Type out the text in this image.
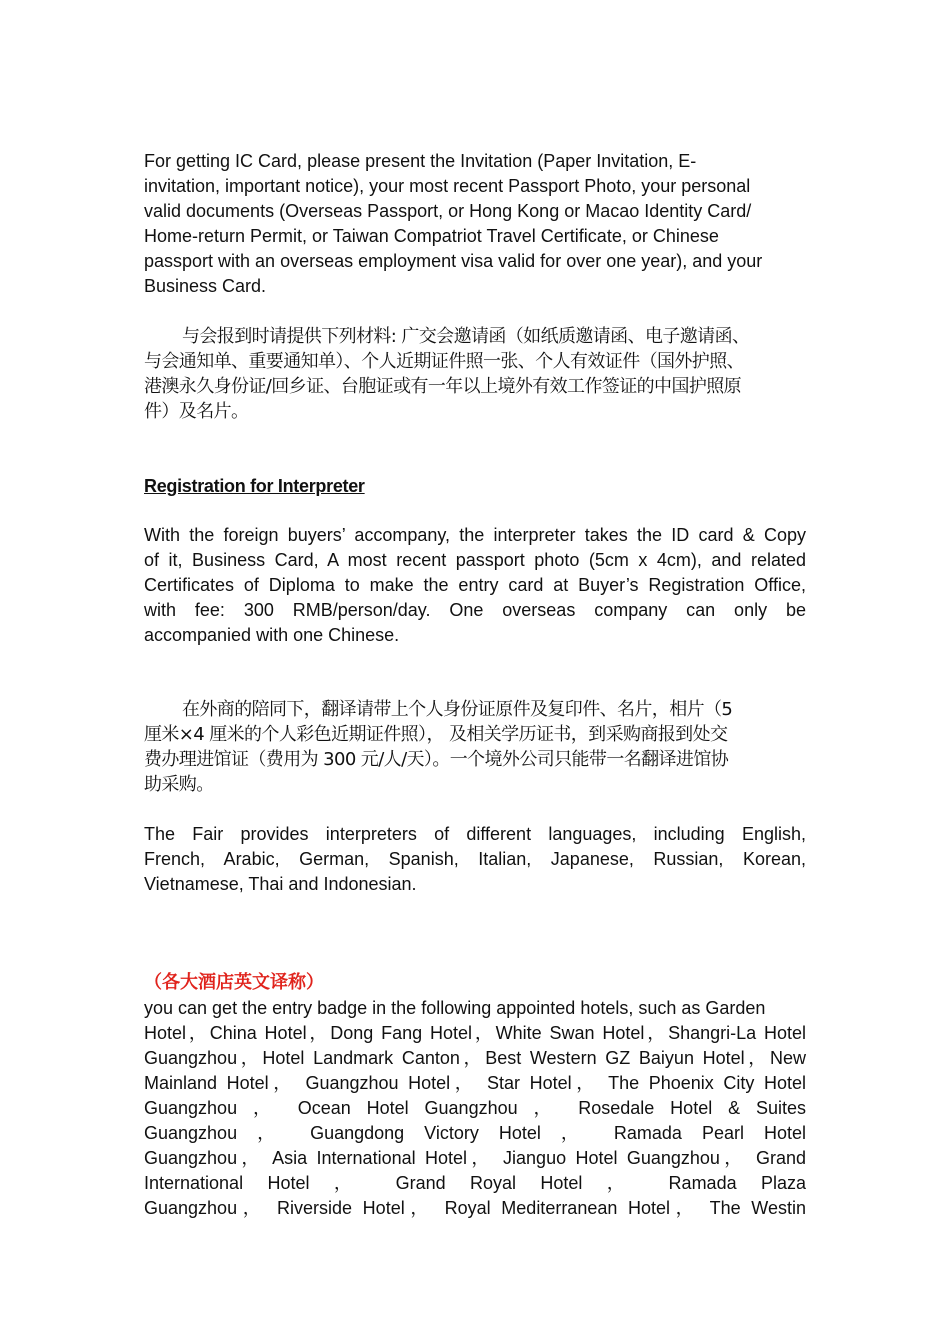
For getting IC Card, please present the Invitation (Paper Invitation, E-
invitation, important notice), your most recent Passport Photo, your personal
valid documents (Overseas Passport, or Hong Kong or Macao Identity Card/
Home-return Permit, or Taiwan Compatriot Travel Certificate, or Chinese
passport with an overseas employment visa valid for over one year), and your
Business Card.
与会报到时请提供下列材料: 广交会邀请函（如纸质邀请函、电子邀请函、
与会通知单、重要通知单）、个人近期证件照一张、个人有效证件（国外护照、
港澳永久身份证/回乡证、台胞证或有一年以上境外有效工作签证的中国护照原
件）及名片。
Registration for Interpreter
With the foreign buyers’ accompany, the interpreter takes the ID card & Copy
of it, Business Card, A most recent passport photo (5cm x 4cm), and related
Certificates of Diploma to make the entry card at Buyer’s Registration Office,
with fee: 300 RMB/person/day. One overseas company can only be
accompanied with one Chinese.
在外商的陪同下，翻译请带上个人身份证原件及复印件、名片，相片（5
厘米×4 厘米的个人彩色近期证件照）， 及相关学历证书，到采购商报到处交
费办理进馆证（费用为 300 元/人/天）。一个境外公司只能带一名翻译进馆协
助采购。
The Fair provides interpreters of different languages, including English,
French, Arabic, German, Spanish, Italian, Japanese, Russian, Korean,
Vietnamese, Thai and Indonesian.
（各大酒店英文译称）
you can get the entry badge in the following appointed hotels, such as Garden
Hotel，China Hotel，Dong Fang Hotel，White Swan Hotel，Shangri-La Hotel
Guangzhou，Hotel Landmark Canton，Best Western GZ Baiyun Hotel，New
Mainland Hotel， Guangzhou Hotel， Star Hotel， The Phoenix City Hotel
Guangzhou ， Ocean Hotel Guangzhou ， Rosedale Hotel & Suites
Guangzhou ， Guangdong Victory Hotel ， Ramada Pearl Hotel
Guangzhou， Asia International Hotel， Jianguo Hotel Guangzhou， Grand
International Hotel ， Grand Royal Hotel ， Ramada Plaza
Guangzhou， Riverside Hotel， Royal Mediterranean Hotel， The Westin
